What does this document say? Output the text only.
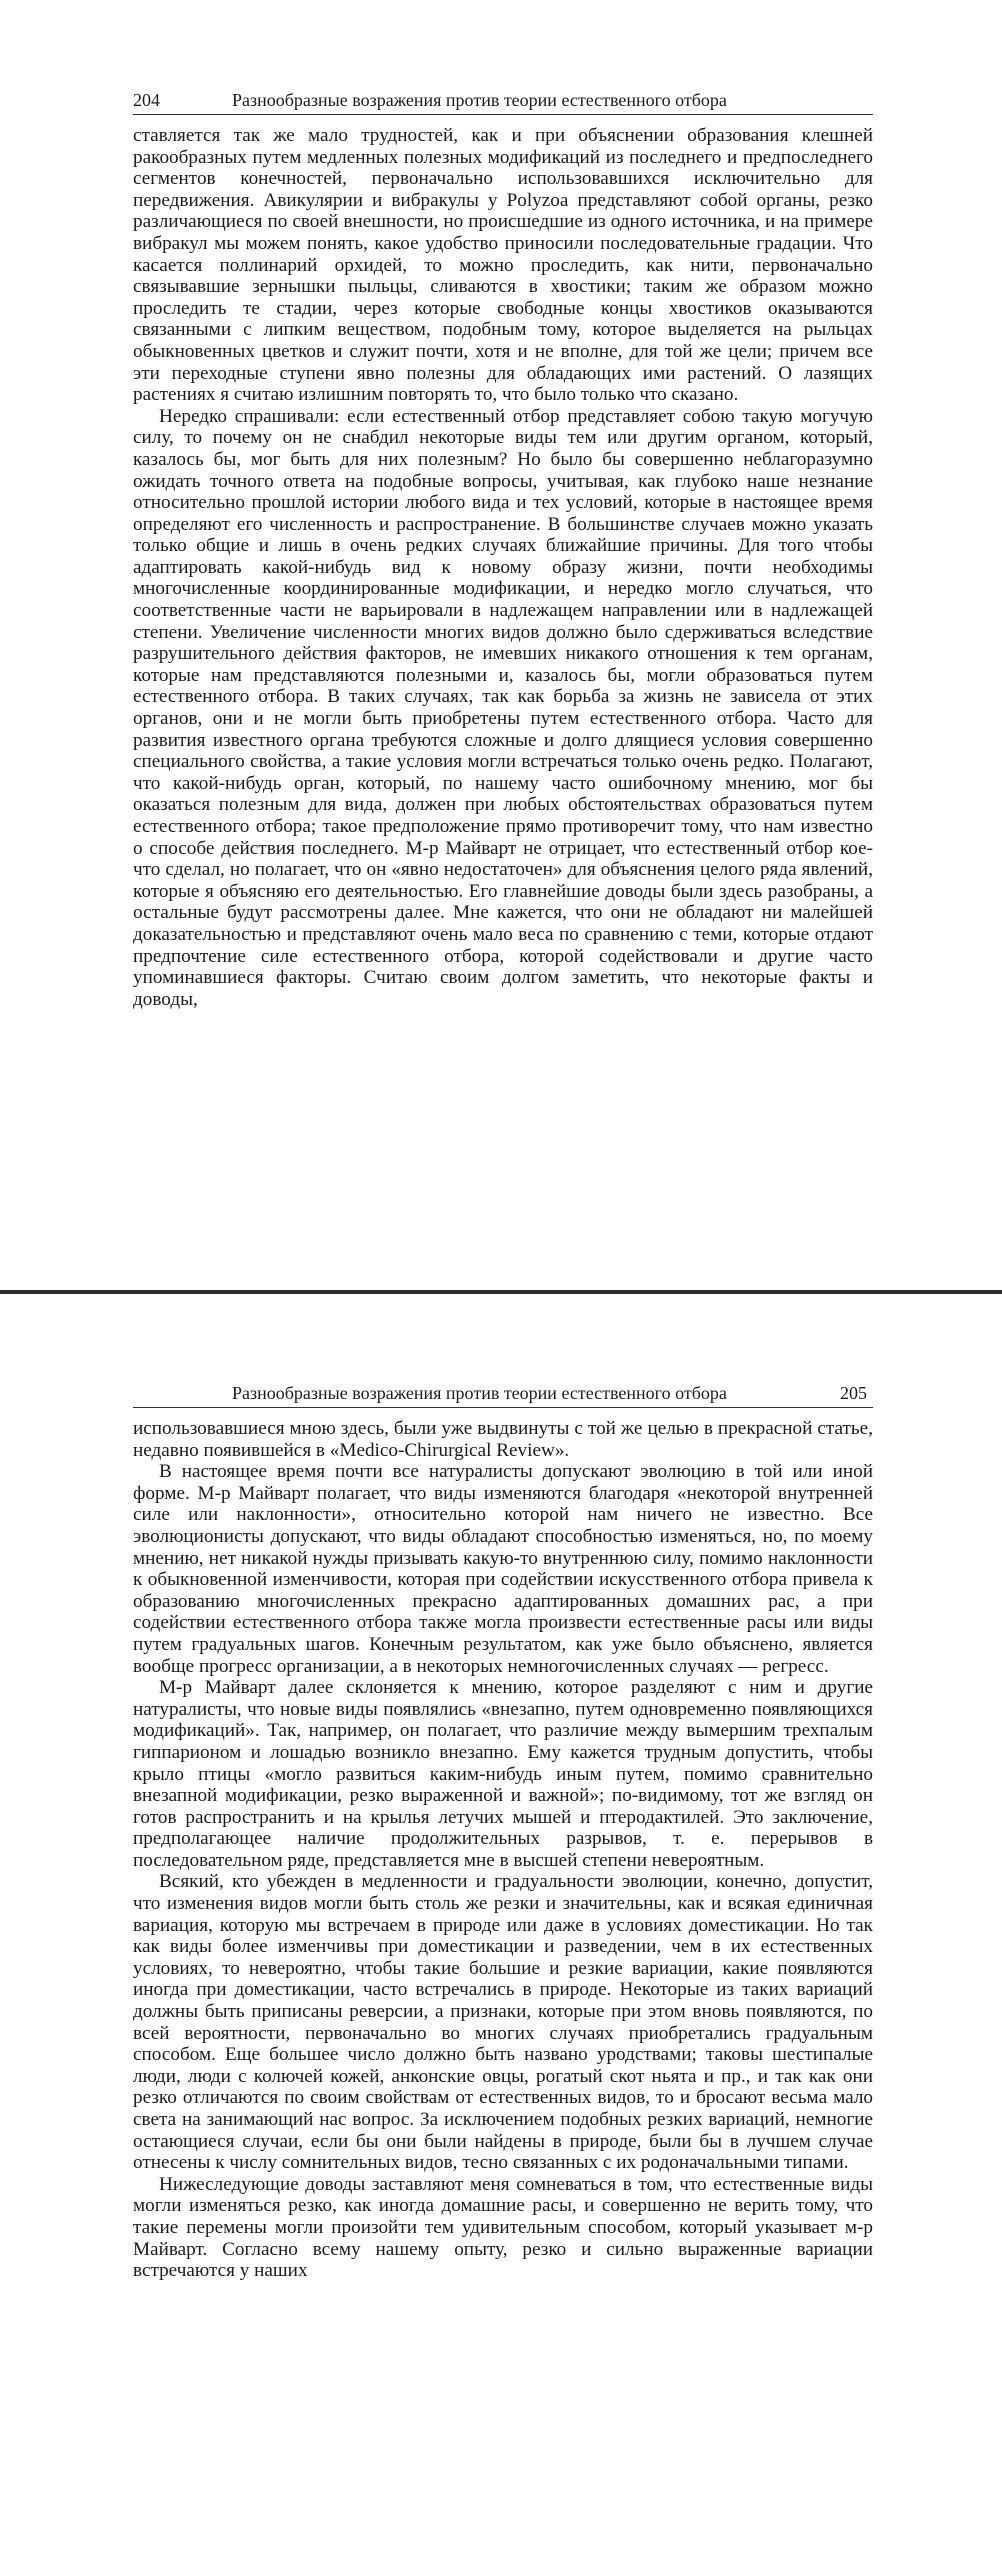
204	Разнообразные возражения против теории естественного отбора

ставляется так же мало трудностей, как и при объяснении образования клешней ракообразных путем медленных полезных модификаций из последнего и предпоследнего сегментов конечностей, первоначально использовавшихся исключительно для передвижения. Авикулярии и вибракулы у Polyzoa представляют собой органы, резко различающиеся по своей внешности, но происшедшие из одного источника, и на примере вибракул мы можем понять, какое удобство приносили последовательные градации. Что касается поллинарий орхидей, то можно проследить, как нити, первоначально связывавшие зернышки пыльцы, сливаются в хвостики; таким же образом можно проследить те стадии, через которые свободные концы хвостиков оказываются связанными с липким веществом, подобным тому, которое выделяется на рыльцах обыкновенных цветков и служит почти, хотя и не вполне, для той же цели; причем все эти переходные ступени явно полезны для обладающих ими растений. О лазящих растениях я считаю излишним повторять то, что было только что сказано.

Нередко спрашивали: если естественный отбор представляет собою такую могучую силу, то почему он не снабдил некоторые виды тем или другим органом, который, казалось бы, мог быть для них полезным? Но было бы совершенно неблагоразумно ожидать точного ответа на подобные вопросы, учитывая, как глубоко наше незнание относительно прошлой истории любого вида и тех условий, которые в настоящее время определяют его численность и распространение. В большинстве случаев можно указать только общие и лишь в очень редких случаях ближайшие причины. Для того чтобы адаптировать какой-нибудь вид к новому образу жизни, почти необходимы многочисленные координированные модификации, и нередко могло случаться, что соответственные части не варьировали в надлежащем направлении или в надлежащей степени. Увеличение численности многих видов должно было сдерживаться вследствие разрушительного действия факторов, не имевших никакого отношения к тем органам, которые нам представляются полезными и, казалось бы, могли образоваться путем естественного отбора. В таких случаях, так как борьба за жизнь не зависела от этих органов, они и не могли быть приобретены путем естественного отбора. Часто для развития известного органа требуются сложные и долго длящиеся условия совершенно специального свойства, а такие условия могли встречаться только очень редко. Полагают, что какой-нибудь орган, который, по нашему часто ошибочному мнению, мог бы оказаться полезным для вида, должен при любых обстоятельствах образоваться путем естественного отбора; такое предположение прямо противоречит тому, что нам известно о способе действия последнего. М-р Майварт не отрицает, что естественный отбор кое-что сделал, но полагает, что он «явно недостаточен» для объяснения целого ряда явлений, которые я объясняю его деятельностью. Его главнейшие доводы были здесь разобраны, а остальные будут рассмотрены далее. Мне кажется, что они не обладают ни малейшей доказательностью и представляют очень мало веса по сравнению с теми, которые отдают предпочтение силе естественного отбора, которой содействовали и другие часто упоминавшиеся факторы. Считаю своим долгом заметить, что некоторые факты и доводы,

Разнообразные возражения против теории естественного отбора	205

использовавшиеся мною здесь, были уже выдвинуты с той же целью в прекрасной статье, недавно появившейся в «Medico-Chirurgical Review».

В настоящее время почти все натуралисты допускают эволюцию в той или иной форме. М-р Майварт полагает, что виды изменяются благодаря «некоторой внутренней силе или наклонности», относительно которой нам ничего не известно. Все эволюционисты допускают, что виды обладают способностью изменяться, но, по моему мнению, нет никакой нужды призывать какую-то внутреннюю силу, помимо наклонности к обыкновенной изменчивости, которая при содействии искусственного отбора привела к образованию многочисленных прекрасно адаптированных домашних рас, а при содействии естественного отбора также могла произвести естественные расы или виды путем градуальных шагов. Конечным результатом, как уже было объяснено, является вообще прогресс организации, а в некоторых немногочисленных случаях — регресс.

М-р Майварт далее склоняется к мнению, которое разделяют с ним и другие натуралисты, что новые виды появлялись «внезапно, путем одновременно появляющихся модификаций». Так, например, он полагает, что различие между вымершим трехпалым гиппарионом и лошадью возникло внезапно. Ему кажется трудным допустить, чтобы крыло птицы «могло развиться каким-нибудь иным путем, помимо сравнительно внезапной модификации, резко выраженной и важной»; по-видимому, тот же взгляд он готов распространить и на крылья летучих мышей и птеродактилей. Это заключение, предполагающее наличие продолжительных разрывов, т. е. перерывов в последовательном ряде, представляется мне в высшей степени невероятным.

Всякий, кто убежден в медленности и градуальности эволюции, конечно, допустит, что изменения видов могли быть столь же резки и значительны, как и всякая единичная вариация, которую мы встречаем в природе или даже в условиях доместикации. Но так как виды более изменчивы при доместикации и разведении, чем в их естественных условиях, то невероятно, чтобы такие большие и резкие вариации, какие появляются иногда при доместикации, часто встречались в природе. Некоторые из таких вариаций должны быть приписаны реверсии, а признаки, которые при этом вновь появляются, по всей вероятности, первоначально во многих случаях приобретались градуальным способом. Еще большее число должно быть названо уродствами; таковы шестипалые люди, люди с колючей кожей, анконские овцы, рогатый скот ньята и пр., и так как они резко отличаются по своим свойствам от естественных видов, то и бросают весьма мало света на занимающий нас вопрос. За исключением подобных резких вариаций, немногие остающиеся случаи, если бы они были найдены в природе, были бы в лучшем случае отнесены к числу сомнительных видов, тесно связанных с их родоначальными типами.

Нижеследующие доводы заставляют меня сомневаться в том, что естественные виды могли изменяться резко, как иногда домашние расы, и совершенно не верить тому, что такие перемены могли произойти тем удивительным способом, который указывает м-р Майварт. Согласно всему нашему опыту, резко и сильно выраженные вариации встречаются у наших
